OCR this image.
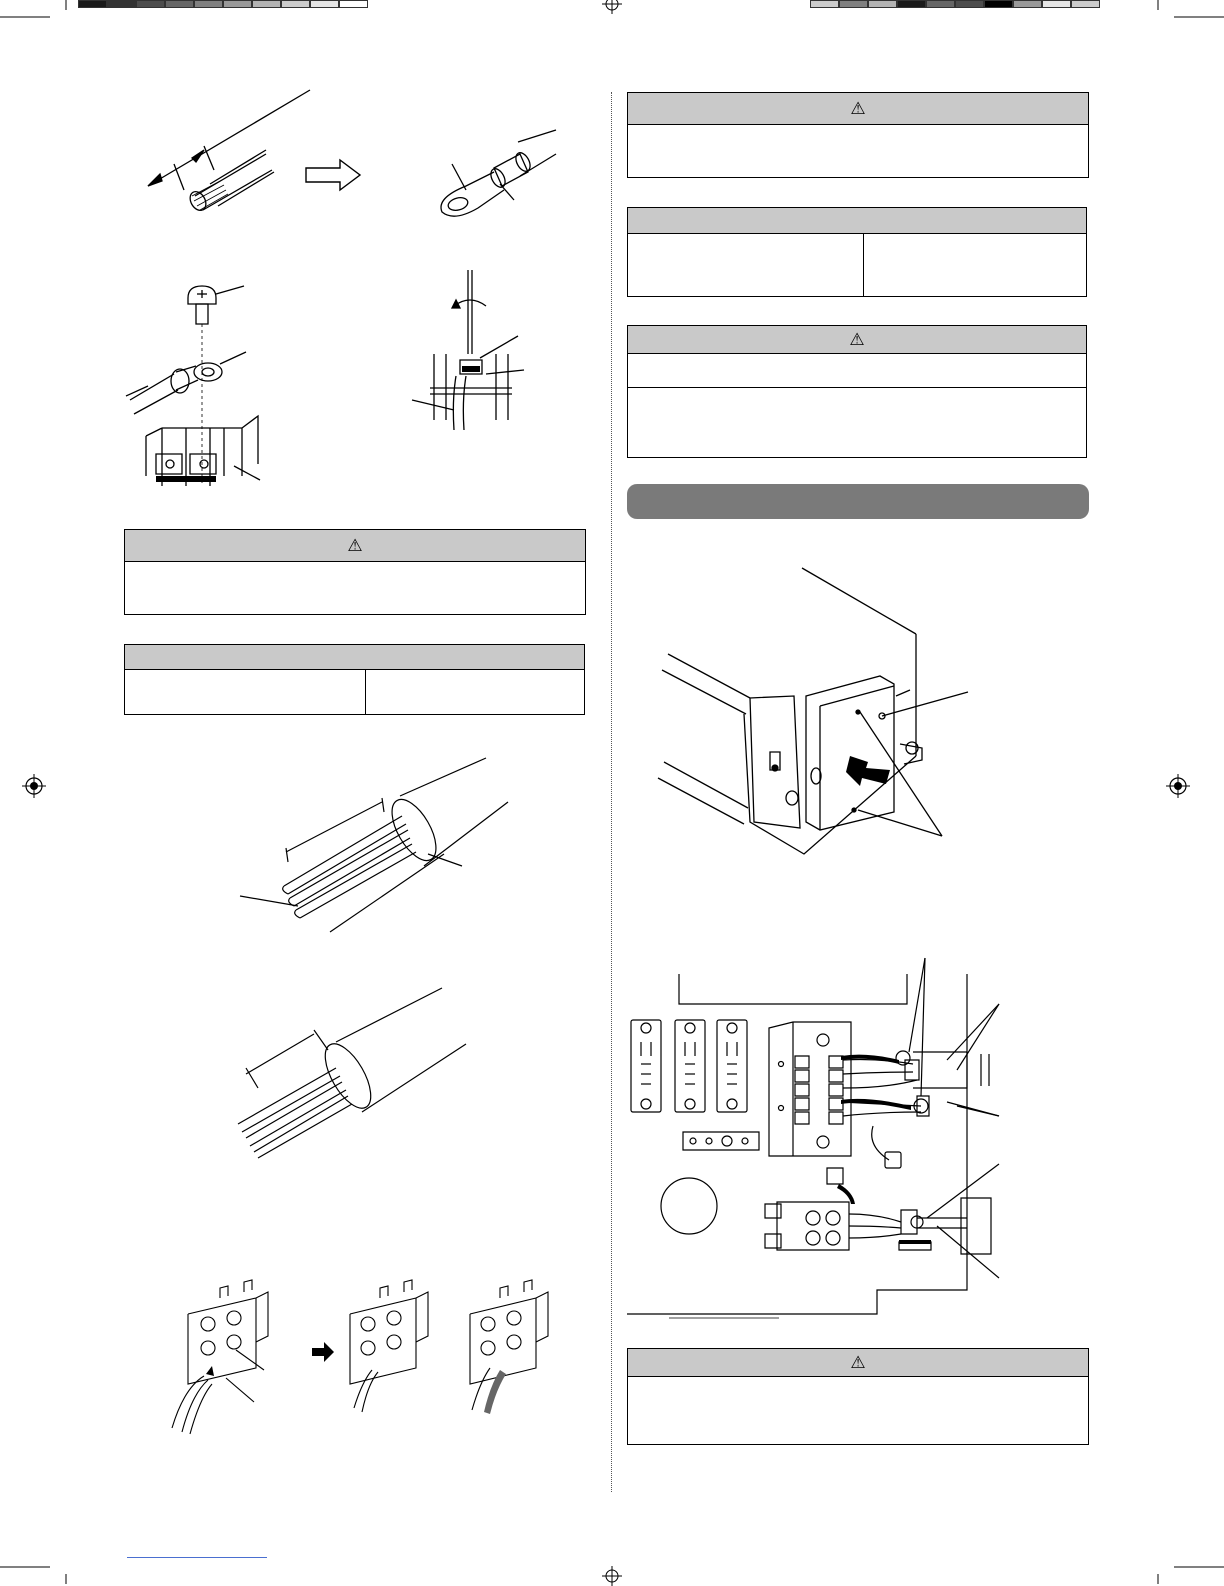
⚠
⚠
⚠
⚠
